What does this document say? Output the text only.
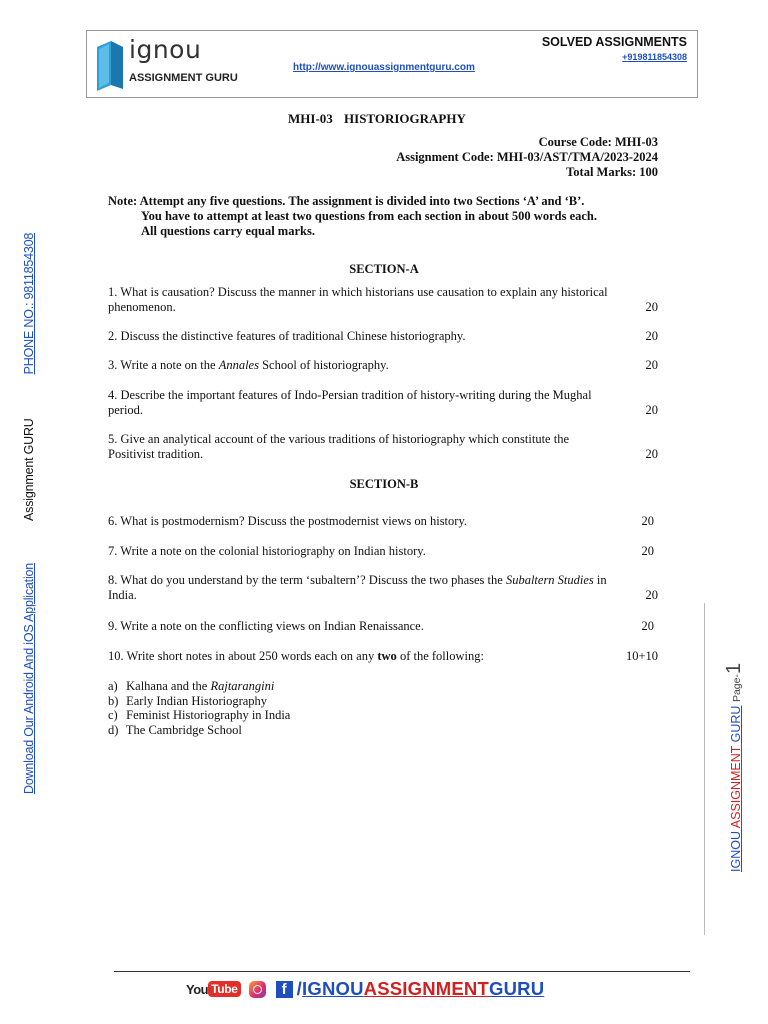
ignou
ASSIGNMENT GURU
http://www.ignouassignmentguru.com
SOLVED ASSIGNMENTS
+919811854308
MHI-03 HISTORIOGRAPHY
Course Code: MHI-03
Assignment Code: MHI-03/AST/TMA/2023-2024
Total Marks: 100
Note: Attempt any five questions. The assignment is divided into two Sections ‘A’ and ‘B’.
You have to attempt at least two questions from each section in about 500 words each.
All questions carry equal marks.
SECTION-A
1. What is causation? Discuss the manner in which historians use causation to explain any historical
phenomenon.	20
2. Discuss the distinctive features of traditional Chinese historiography.	20
3. Write a note on the Annales School of historiography.	20
4. Describe the important features of Indo-Persian tradition of history-writing during the Mughal
period.	20
5. Give an analytical account of the various traditions of historiography which constitute the
Positivist tradition.	20
SECTION-B
6. What is postmodernism? Discuss the postmodernist views on history.	20
7. Write a note on the colonial historiography on Indian history.	20
8. What do you understand by the term ‘subaltern’? Discuss the two phases the Subaltern Studies in
India.	20
9. Write a note on the conflicting views on Indian Renaissance.	20
10. Write short notes in about 250 words each on any two of the following:	10+10
a) Kalhana and the Rajtarangini
b) Early Indian Historiography
c) Feminist Historiography in India
d) The Cambridge School
Download Our Android And iOS ApplicationAssignment GURUPHONE NO.: 9811854308
IGNOU ASSIGNMENT GURU Page-1
You Tube	f /IGNOUASSIGNMENTGURU
